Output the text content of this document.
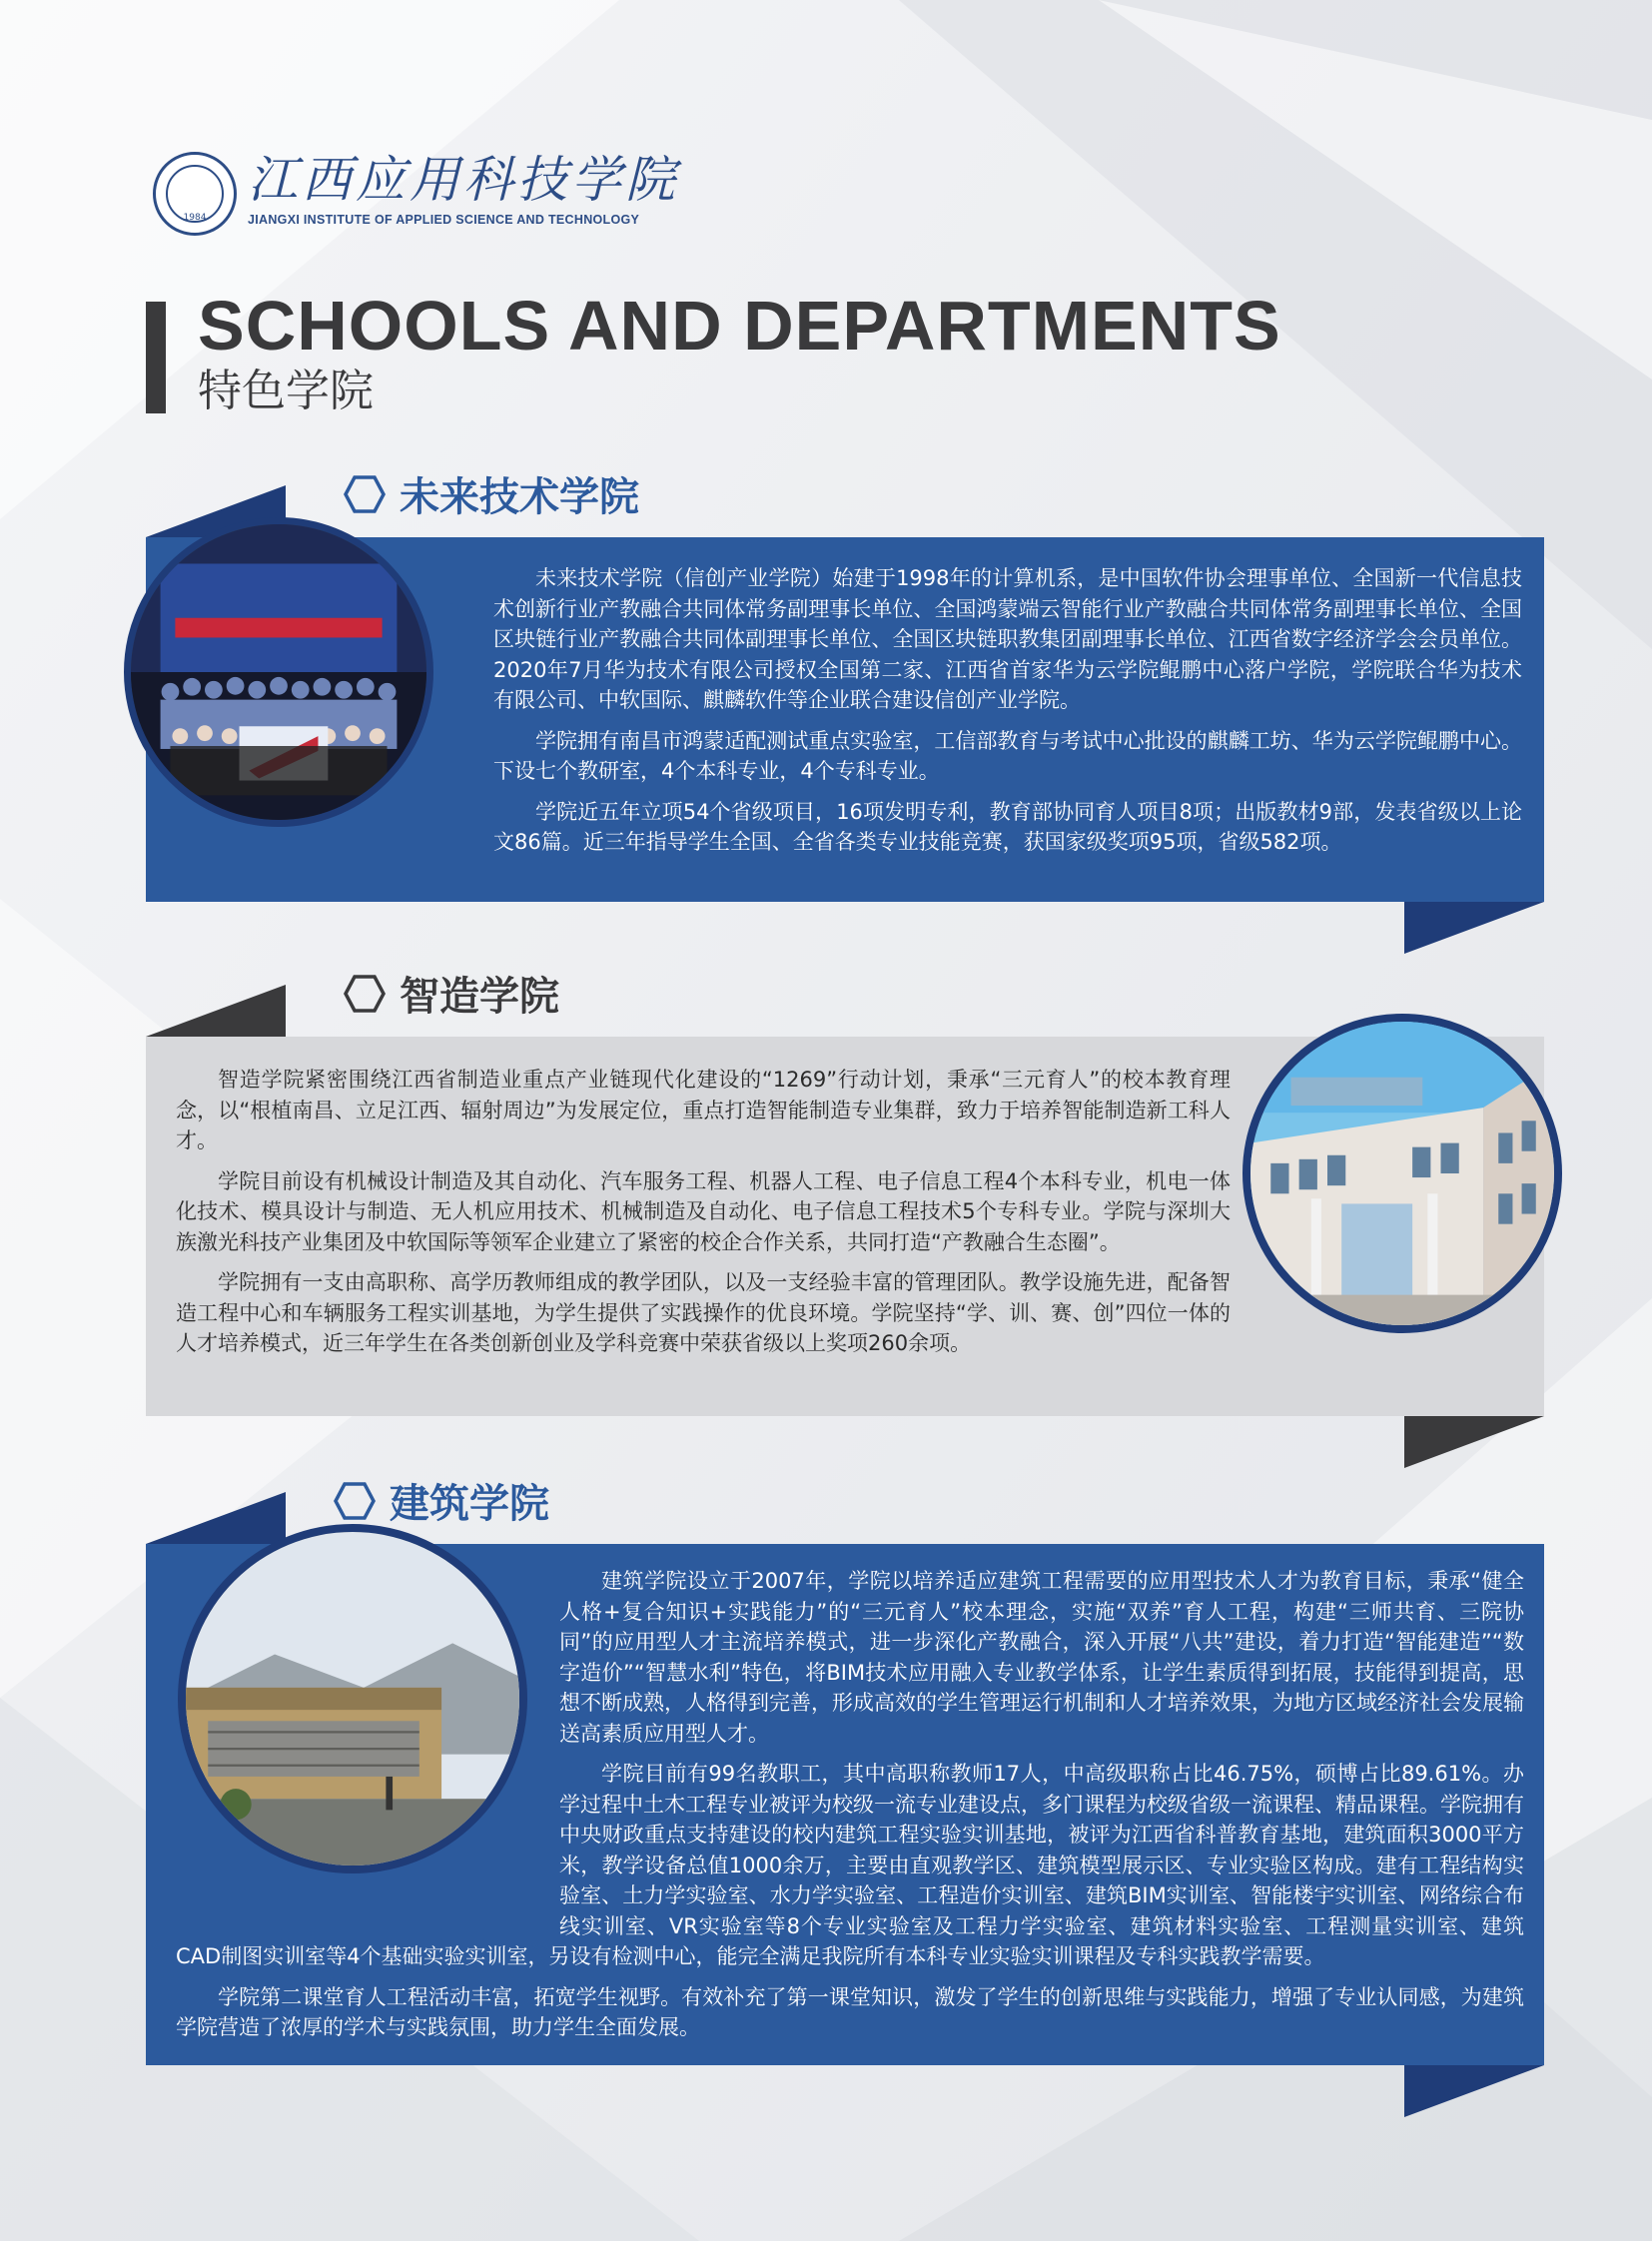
1984
江西应用科技学院
JIANGXI INSTITUTE OF APPLIED SCIENCE AND TECHNOLOGY
SCHOOLS AND DEPARTMENTS
特色学院
未来技术学院

未来技术学院（信创产业学院）始建于1998年的计算机系，是中国软件协会理事单位、全国新一代信息技术创新行业产教融合共同体常务副理事长单位、全国鸿蒙端云智能行业产教融合共同体常务副理事长单位、全国区块链行业产教融合共同体副理事长单位、全国区块链职教集团副理事长单位、江西省数字经济学会会员单位。2020年7月华为技术有限公司授权全国第二家、江西省首家华为云学院鲲鹏中心落户学院，学院联合华为技术有限公司、中软国际、麒麟软件等企业联合建设信创产业学院。

学院拥有南昌市鸿蒙适配测试重点实验室，工信部教育与考试中心批设的麒麟工坊、华为云学院鲲鹏中心。下设七个教研室，4个本科专业，4个专科专业。

学院近五年立项54个省级项目，16项发明专利，教育部协同育人项目8项；出版教材9部，发表省级以上论文86篇。近三年指导学生全国、全省各类专业技能竞赛，获国家级奖项95项，省级582项。

智造学院

智造学院紧密围绕江西省制造业重点产业链现代化建设的“1269”行动计划，秉承“三元育人”的校本教育理念，以“根植南昌、立足江西、辐射周边”为发展定位，重点打造智能制造专业集群，致力于培养智能制造新工科人才。

学院目前设有机械设计制造及其自动化、汽车服务工程、机器人工程、电子信息工程4个本科专业，机电一体化技术、模具设计与制造、无人机应用技术、机械制造及自动化、电子信息工程技术5个专科专业。学院与深圳大族激光科技产业集团及中软国际等领军企业建立了紧密的校企合作关系，共同打造“产教融合生态圈”。

学院拥有一支由高职称、高学历教师组成的教学团队，以及一支经验丰富的管理团队。教学设施先进，配备智造工程中心和车辆服务工程实训基地，为学生提供了实践操作的优良环境。学院坚持“学、训、赛、创”四位一体的人才培养模式，近三年学生在各类创新创业及学科竞赛中荣获省级以上奖项260余项。

建筑学院

建筑学院设立于2007年，学院以培养适应建筑工程需要的应用型技术人才为教育目标，秉承“健全人格+复合知识+实践能力”的“三元育人”校本理念，实施“双养”育人工程，构建“三师共育、三院协同”的应用型人才主流培养模式，进一步深化产教融合，深入开展“八共”建设，着力打造“智能建造”“数字造价”“智慧水利”特色，将BIM技术应用融入专业教学体系，让学生素质得到拓展，技能得到提高，思想不断成熟，人格得到完善，形成高效的学生管理运行机制和人才培养效果，为地方区域经济社会发展输送高素质应用型人才。

学院目前有99名教职工，其中高职称教师17人，中高级职称占比46.75%，硕博占比89.61%。办学过程中土木工程专业被评为校级一流专业建设点，多门课程为校级省级一流课程、精品课程。学院拥有中央财政重点支持建设的校内建筑工程实验实训基地，被评为江西省科普教育基地，建筑面积3000平方米，教学设备总值1000余万，主要由直观教学区、建筑模型展示区、专业实验区构成。建有工程结构实验室、土力学实验室、水力学实验室、工程造价实训室、建筑BIM实训室、智能楼宇实训室、网络综合布线实训室、VR实验室等8个专业实验室及工程力学实验室、建筑材料实验室、工程测量实训室、建筑CAD制图实训室等4个基础实验实训室，另设有检测中心，能完全满足我院所有本科专业实验实训课程及专科实践教学需要。

学院第二课堂育人工程活动丰富，拓宽学生视野。有效补充了第一课堂知识，激发了学生的创新思维与实践能力，增强了专业认同感，为建筑学院营造了浓厚的学术与实践氛围，助力学生全面发展。
